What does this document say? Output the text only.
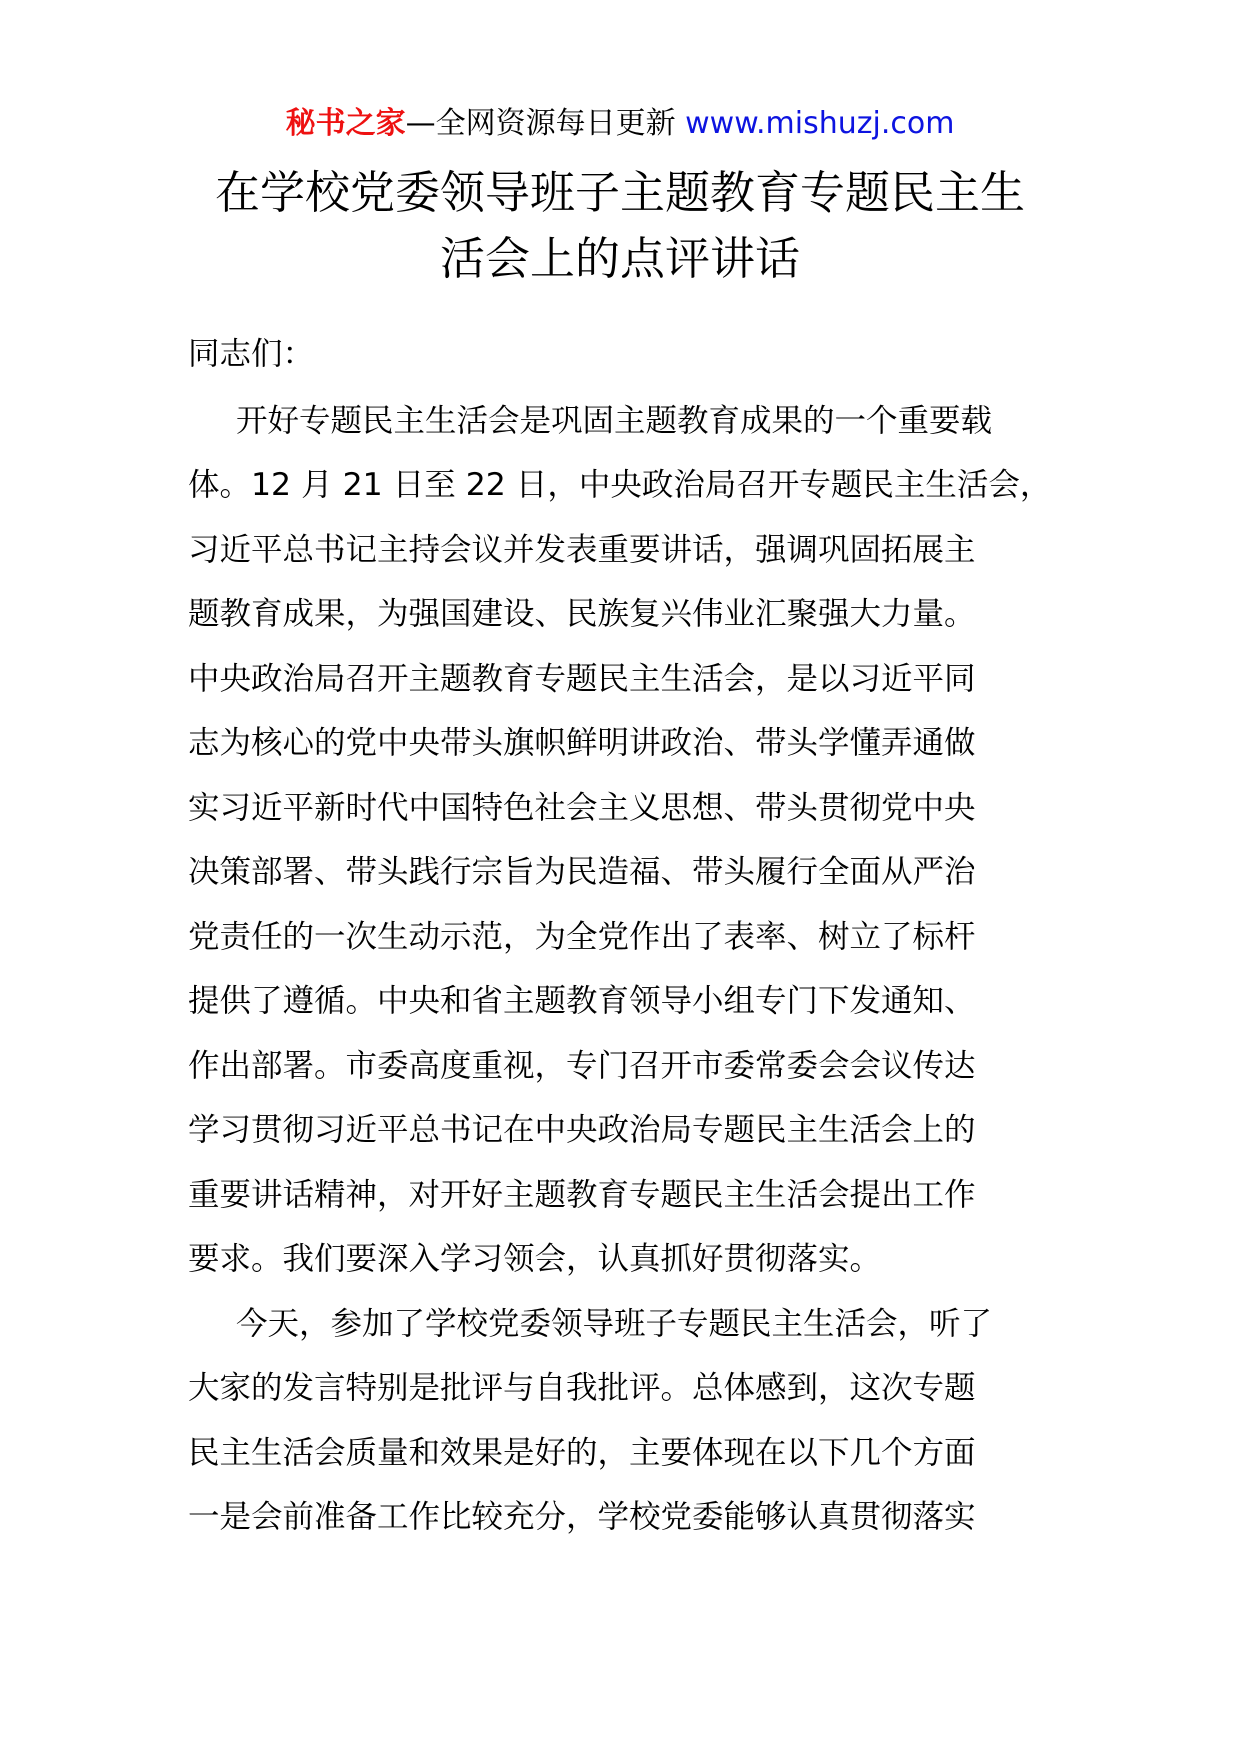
秘书之家—全网资源每日更新 www.mishuzj.com
在学校党委领导班子主题教育专题民主生
活会上的点评讲话
同志们：
开好专题民主生活会是巩固主题教育成果的一个重要载
体。12 月 21 日至 22 日，中央政治局召开专题民主生活会，
习近平总书记主持会议并发表重要讲话，强调巩固拓展主
题教育成果，为强国建设、民族复兴伟业汇聚强大力量。
中央政治局召开主题教育专题民主生活会，是以习近平同
志为核心的党中央带头旗帜鲜明讲政治、带头学懂弄通做
实习近平新时代中国特色社会主义思想、带头贯彻党中央
决策部署、带头践行宗旨为民造福、带头履行全面从严治
党责任的一次生动示范，为全党作出了表率、树立了标杆
提供了遵循。中央和省主题教育领导小组专门下发通知、
作出部署。市委高度重视，专门召开市委常委会会议传达
学习贯彻习近平总书记在中央政治局专题民主生活会上的
重要讲话精神，对开好主题教育专题民主生活会提出工作
要求。我们要深入学习领会，认真抓好贯彻落实。
今天，参加了学校党委领导班子专题民主生活会，听了
大家的发言特别是批评与自我批评。总体感到，这次专题
民主生活会质量和效果是好的，主要体现在以下几个方面
一是会前准备工作比较充分，学校党委能够认真贯彻落实
